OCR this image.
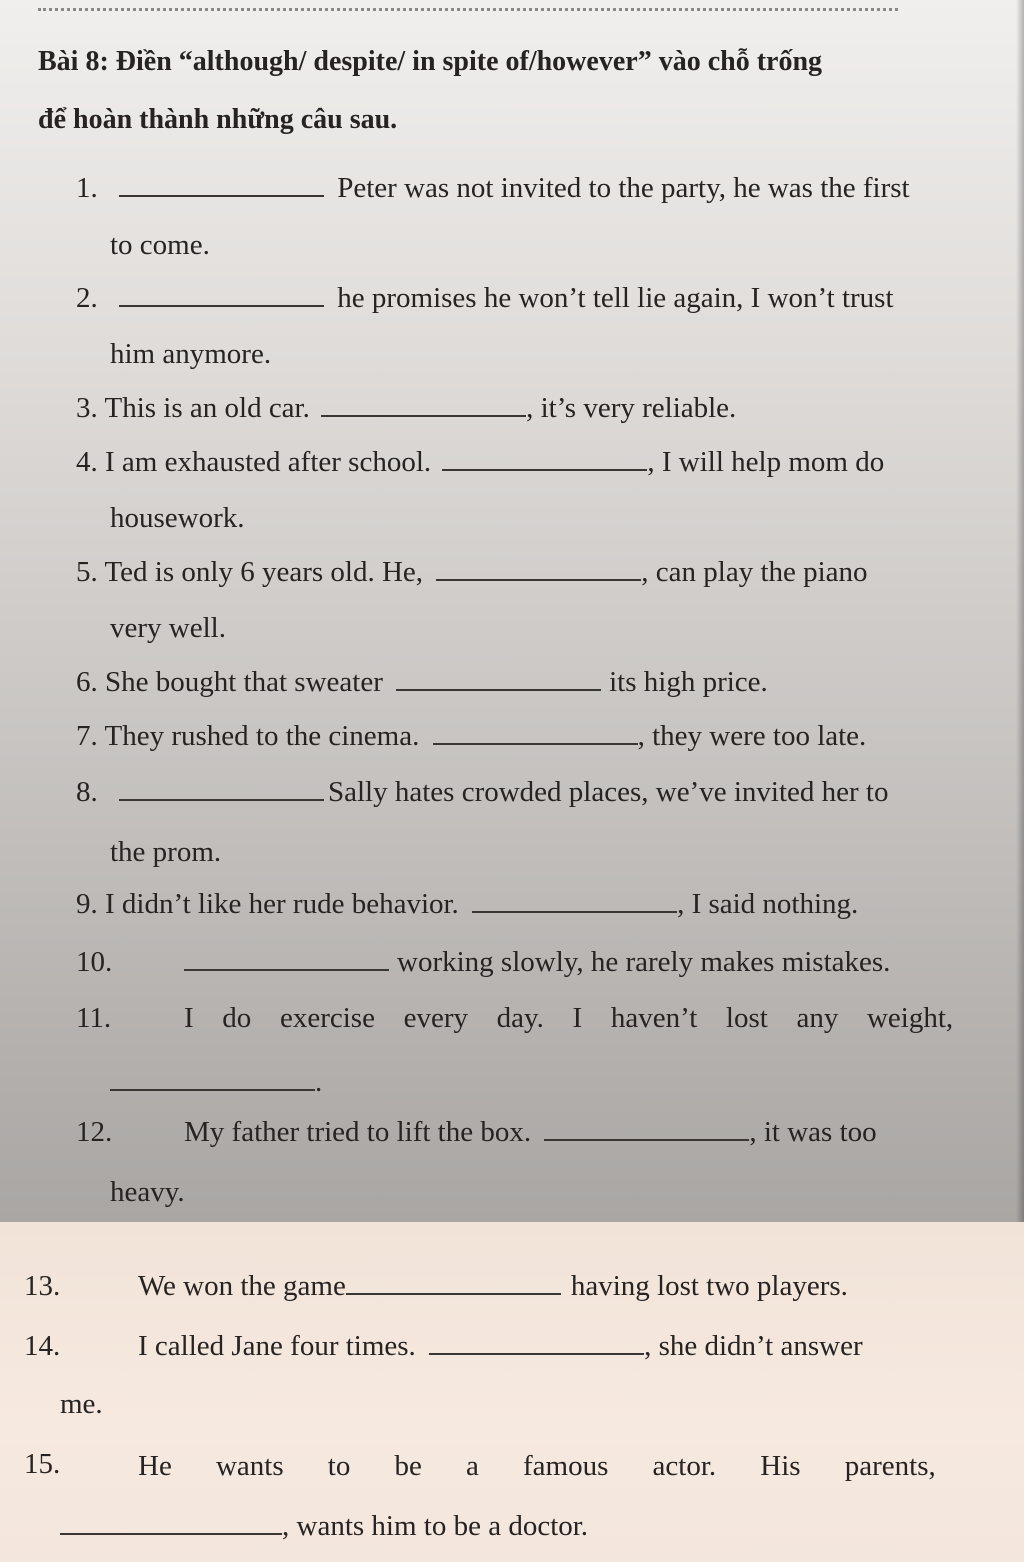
Bài 8: Điền “although/ despite/ in spite of/however” vào chỗ trống
để hoàn thành những câu sau.
1.	Peter was not invited to the party, he was the first
to come.
2.	he promises he won’t tell lie again, I won’t trust
him anymore.
3. This is an old car.	, it’s very reliable.
4. I am exhausted after school.	, I will help mom do
housework.
5. Ted is only 6 years old. He,	, can play the piano
very well.
6. She bought that sweater	its high price.
7. They rushed to the cinema.	, they were too late.
8.	Sally hates crowded places, we’ve invited her to
the prom.
9. I didn’t like her rude behavior.	, I said nothing.
10.	working slowly, he rarely makes mistakes.
11.	I do exercise every day. I haven’t lost any weight,
.
12. My father tried to lift the box.	, it was too
heavy.
13.	We won the game	having lost two players.
14.	I called Jane four times.	, she didn’t answer
me.
15.	He wants to be a famous actor. His parents,
, wants him to be a doctor.
